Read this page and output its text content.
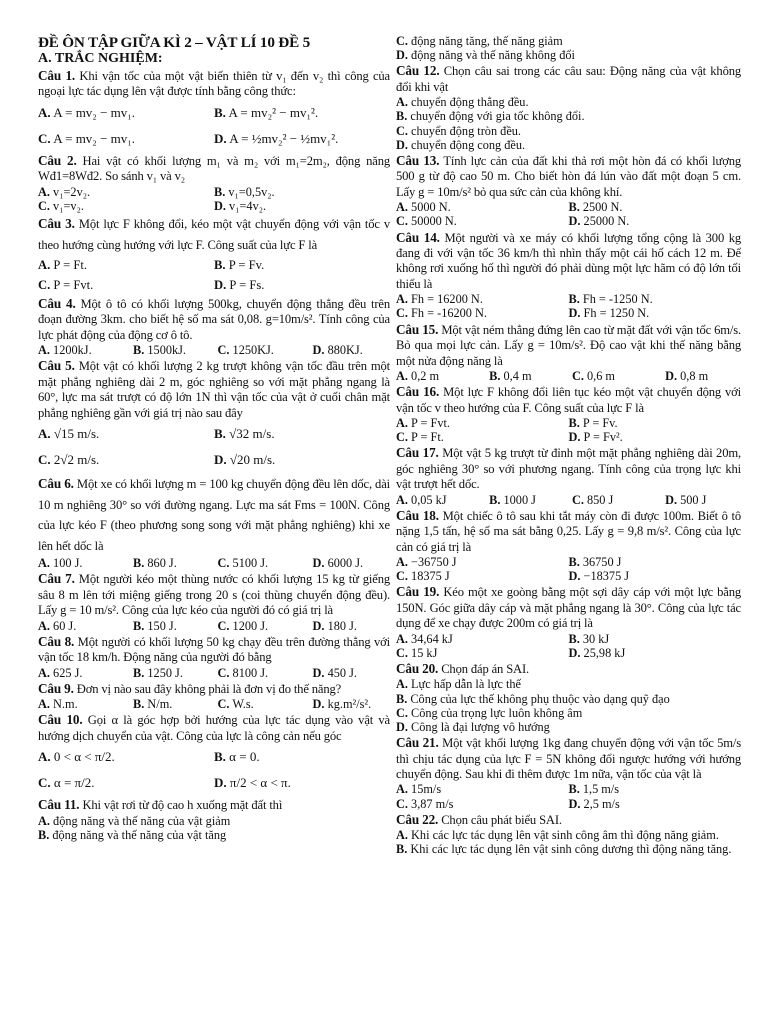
ĐỀ ÔN TẬP GIỮA KÌ 2 – VẬT LÍ 10 ĐỀ 5
A. TRẮC NGHIỆM:
Câu 1. Khi vận tốc của một vật biến thiên từ v₁ đến v₂ thì công của ngoại lực tác dụng lên vật được tính bằng công thức:
A. A = mv₂ − mv₁.	B. A = mv₂² − mv₁².
C. A = mv₂ − mv₁.	D. A = ½mv₂² − ½mv₁².
Câu 2. Hai vật có khối lượng m₁ và m₂ với m₁=2m₂, động năng Wđ1=8Wđ2. So sánh v₁ và v₂
A. v₁=2v₂.	B. v₁=0,5v₂.
C. v₁=v₂.	D. v₁=4v₂.
Câu 3. Một lực F không đổi, kéo một vật chuyển động với vận tốc v theo hướng cùng hướng với lực F. Công suất của lực F là
A. P = Ft.	B. P = Fv.
C. P = Fvt.	D. P = Fs.
Câu 4. Một ô tô có khối lượng 500kg, chuyển động thẳng đều trên đoạn đường 3km. cho biết hệ số ma sát 0,08. g=10m/s². Tính công của lực phát động của động cơ ô tô.
A. 1200kJ.	B. 1500kJ.	C. 1250KJ.	D. 880KJ.
Câu 5. Một vật có khối lượng 2 kg trượt không vận tốc đầu trên một mặt phẳng nghiêng dài 2 m, góc nghiêng so với mặt phẳng ngang là 60°, lực ma sát trượt có độ lớn 1N thì vận tốc của vật ở cuối chân mặt phẳng nghiêng gần với giá trị nào sau đây
A. √15 m/s.	B. √32 m/s.
C. 2√2 m/s.	D. √20 m/s.
Câu 6. Một xe có khối lượng m = 100 kg chuyển động đều lên dốc, dài 10 m nghiêng 30° so với đường ngang. Lực ma sát Fms = 100N. Công của lực kéo F (theo phương song song với mặt phẳng nghiêng) khi xe lên hết dốc là
A. 100 J.	B. 860 J.	C. 5100 J.	D. 6000 J.
Câu 7. Một người kéo một thùng nước có khối lượng 15 kg từ giếng sâu 8 m lên tới miệng giếng trong 20 s (coi thùng chuyển động đều). Lấy g = 10 m/s². Công của lực kéo của người đó có giá trị là
A. 60 J.	B. 150 J.	C. 1200 J.	D. 180 J.
Câu 8. Một người có khối lượng 50 kg chạy đều trên đường thẳng với vận tốc 18 km/h. Động năng của người đó bằng
A. 625 J.	B. 1250 J.	C. 8100 J.	D. 450 J.
Câu 9. Đơn vị nào sau đây không phải là đơn vị đo thế năng?
A. N.m.	B. N/m.	C. W.s.	D. kg.m²/s².
Câu 10. Gọi α là góc hợp bởi hướng của lực tác dụng vào vật và hướng dịch chuyển của vật. Công của lực là công cản nếu góc
A. 0 < α < π/2.	B. α = 0.
C. α = π/2.	D. π/2 < α < π.
Câu 11. Khi vật rơi từ độ cao h xuống mặt đất thì
A. động năng và thế năng của vật giảm
B. động năng và thế năng của vật tăng
C. động năng tăng, thế năng giảm
D. động năng và thế năng không đổi
Câu 12. Chọn câu sai trong các câu sau: Động năng của vật không đổi khi vật
A. chuyển động thẳng đều.
B. chuyển động với gia tốc không đổi.
C. chuyển động tròn đều.
D. chuyển động cong đều.
Câu 13. Tính lực cản của đất khi thả rơi một hòn đá có khối lượng 500 g từ độ cao 50 m. Cho biết hòn đá lún vào đất một đoạn 5 cm. Lấy g = 10m/s² bỏ qua sức cản của không khí.
A. 5000 N.	B. 2500 N.
C. 50000 N.	D. 25000 N.
Câu 14. Một người và xe máy có khối lượng tổng cộng là 300 kg đang đi với vận tốc 36 km/h thì nhìn thấy một cái hố cách 12 m. Để không rơi xuống hố thì người đó phải dùng một lực hãm có độ lớn tối thiểu là
A. Fh = 16200 N.	B. Fh = -1250 N.
C. Fh = -16200 N.	D. Fh = 1250 N.
Câu 15. Một vật ném thẳng đứng lên cao từ mặt đất với vận tốc 6m/s. Bỏ qua mọi lực cản. Lấy g = 10m/s². Độ cao vật khi thế năng bằng một nửa động năng là
A. 0,2 m	B. 0,4 m	C. 0,6 m	D. 0,8 m
Câu 16. Một lực F không đổi liên tục kéo một vật chuyển động với vận tốc v theo hướng của F. Công suất của lực F là
A. P = Fvt.	B. P = Fv.
C. P = Ft.	D. P = Fv².
Câu 17. Một vật 5 kg trượt từ đỉnh một mặt phẳng nghiêng dài 20m, góc nghiêng 30° so với phương ngang. Tính công của trọng lực khi vật trượt hết dốc.
A. 0,05 kJ	B. 1000 J	C. 850 J	D. 500 J
Câu 18. Một chiếc ô tô sau khi tắt máy còn đi được 100m. Biết ô tô nặng 1,5 tấn, hệ số ma sát bằng 0,25. Lấy g = 9,8 m/s². Công của lực cản có giá trị là
A. −36750 J	B. 36750 J
C. 18375 J	D. −18375 J
Câu 19. Kéo một xe goòng bằng một sợi dây cáp với một lực bằng 150N. Góc giữa dây cáp và mặt phẳng ngang là 30°. Công của lực tác dụng để xe chạy được 200m có giá trị là
A. 34,64 kJ	B. 30 kJ
C. 15 kJ	D. 25,98 kJ
Câu 20. Chọn đáp án SAI.
A. Lực hấp dẫn là lực thế
B. Công của lực thế không phụ thuộc vào dạng quỹ đạo
C. Công của trọng lực luôn không âm
D. Công là đại lượng vô hướng
Câu 21. Một vật khối lượng 1kg đang chuyển động với vận tốc 5m/s thì chịu tác dụng của lực F = 5N không đổi ngược hướng với hướng chuyển động. Sau khi đi thêm được 1m nữa, vận tốc của vật là
A. 15m/s	B. 1,5 m/s
C. 3,87 m/s	D. 2,5 m/s
Câu 22. Chọn câu phát biểu SAI.
A. Khi các lực tác dụng lên vật sinh công âm thì động năng giảm.
B. Khi các lực tác dụng lên vật sinh công dương thì động năng tăng.
